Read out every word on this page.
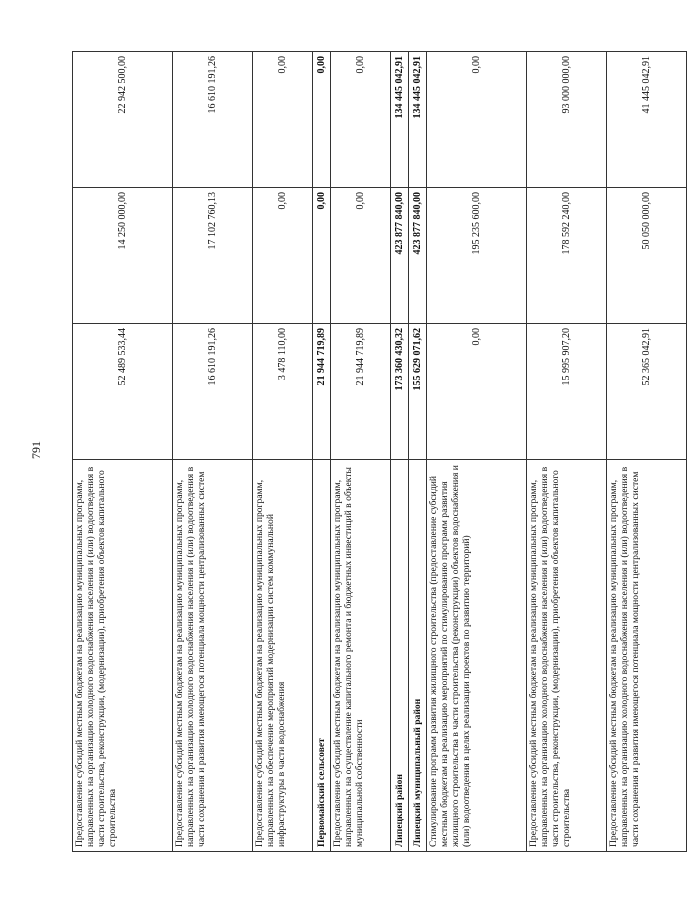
791
Предоставление субсидий местным бюджетам на реализацию муниципальных программ, направленных на организацию холодного водоснабжения населения и (или) водоотведения в части строительства, реконструкции, (модернизации), приобретения объектов капитального строительства	52 489 533,44	14 250 000,00	22 942 500,00
Предоставление субсидий местным бюджетам на реализацию муниципальных программ, направленных на организацию холодного водоснабжения населения и (или) водоотведения в части сохранения и развития имеющегося потенциала мощности централизованных систем	16 610 191,26	17 102 760,13	16 610 191,26
Предоставление субсидий местным бюджетам на реализацию муниципальных программ, направленных на обеспечение мероприятий модернизации систем коммунальной инфраструктуры в части водоснабжения	3 478 110,00	0,00	0,00
Первомайский сельсовет	21 944 719,89	0,00	0,00
Предоставление субсидий местным бюджетам на реализацию муниципальных программ, направленных на осуществление капитального ремонта и бюджетных инвестиций в объекты муниципальной собственности	21 944 719,89	0,00	0,00
Липецкий район	173 360 430,32	423 877 840,00	134 445 042,91
Липецкий муниципальный район	155 629 071,62	423 877 840,00	134 445 042,91
Стимулирование программ развития жилищного строительства (предоставление субсидий местным бюджетам на реализацию мероприятий по стимулированию программ развития жилищного строительства в части строительства (реконструкции) объектов водоснабжения и (или) водоотведения в целях реализации проектов по развитию территорий)	0,00	195 235 600,00	0,00
Предоставление субсидий местным бюджетам на реализацию муниципальных программ, направленных на организацию холодного водоснабжения населения и (или) водоотведения в части строительства, реконструкции, (модернизации), приобретения объектов капитального строительства	15 995 907,20	178 592 240,00	93 000 000,00
Предоставление субсидий местным бюджетам на реализацию муниципальных программ, направленных на организацию холодного водоснабжения населения и (или) водоотведения в части сохранения и развития имеющегося потенциала мощности централизованных систем	52 365 042,91	50 050 000,00	41 445 042,91
